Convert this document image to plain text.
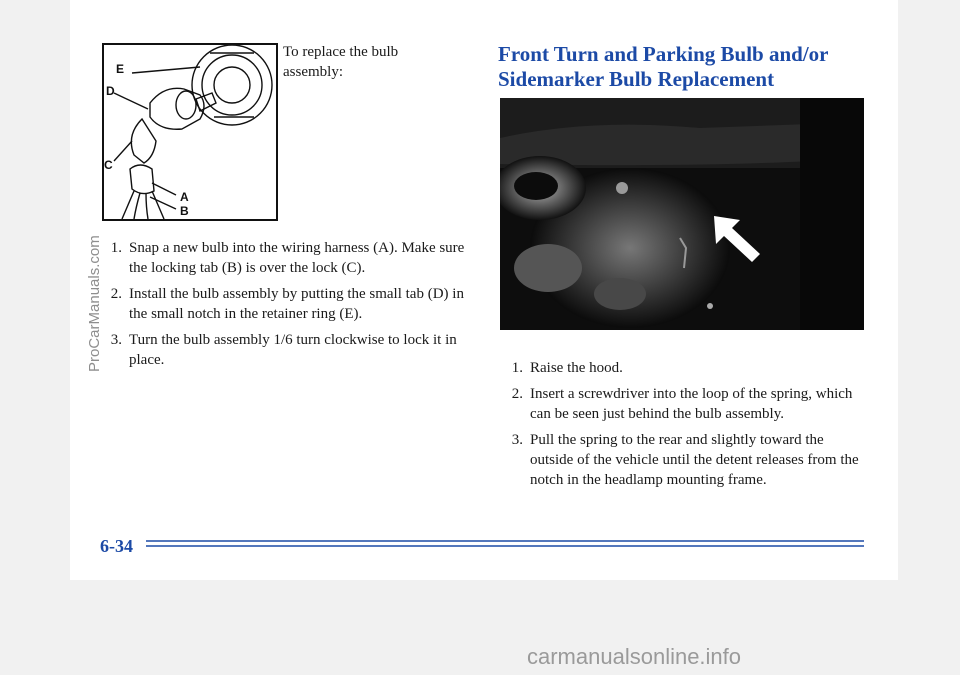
E
D
C
A
B

To replace the bulb assembly:

1. Snap a new bulb into the wiring harness (A). Make sure the locking tab (B) is over the lock (C).
2. Install the bulb assembly by putting the small tab (D) in the small notch in the retainer ring (E).
3. Turn the bulb assembly 1/6 turn clockwise to lock it in place.
Front Turn and Parking Bulb and/or Sidemarker Bulb Replacement
1. Raise the hood.
2. Insert a screwdriver into the loop of the spring, which can be seen just behind the bulb assembly.
3. Pull the spring to the rear and slightly toward the outside of the vehicle until the detent releases from the notch in the headlamp mounting frame.
6-34
ProCarManuals.com
carmanualsonline.info
